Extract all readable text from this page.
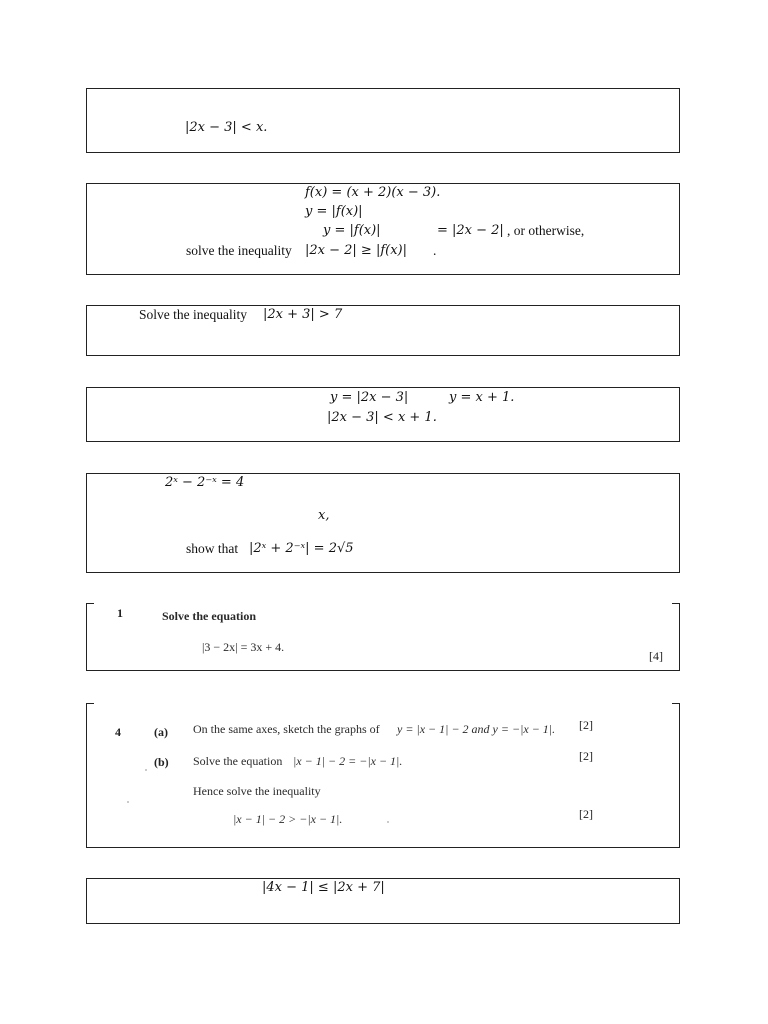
|2x − 3| < x.
f(x) = (x + 2)(x − 3).
y = |f(x)|
y = |f(x)|	= |2x − 2| , or otherwise,
solve the inequality |2x − 2| ≥ |f(x)| .
Solve the inequality |2x + 3| > 7
y = |2x − 3|	y = x + 1.
|2x − 3| < x + 1.
2ˣ − 2⁻ˣ = 4
x,
show that |2ˣ + 2⁻ˣ| = 2√5
1	Solve the equation
|3 − 2x| = 3x + 4.
[4]
4	(a) On the same axes, sketch the graphs of y = |x − 1| − 2 and y = −|x − 1|. [2]
(b) Solve the equation |x − 1| − 2 = −|x − 1|.	[2]
Hence solve the inequality
|x − 1| − 2 > −|x − 1|.	[2]
|4x − 1| ≤ |2x + 7|
